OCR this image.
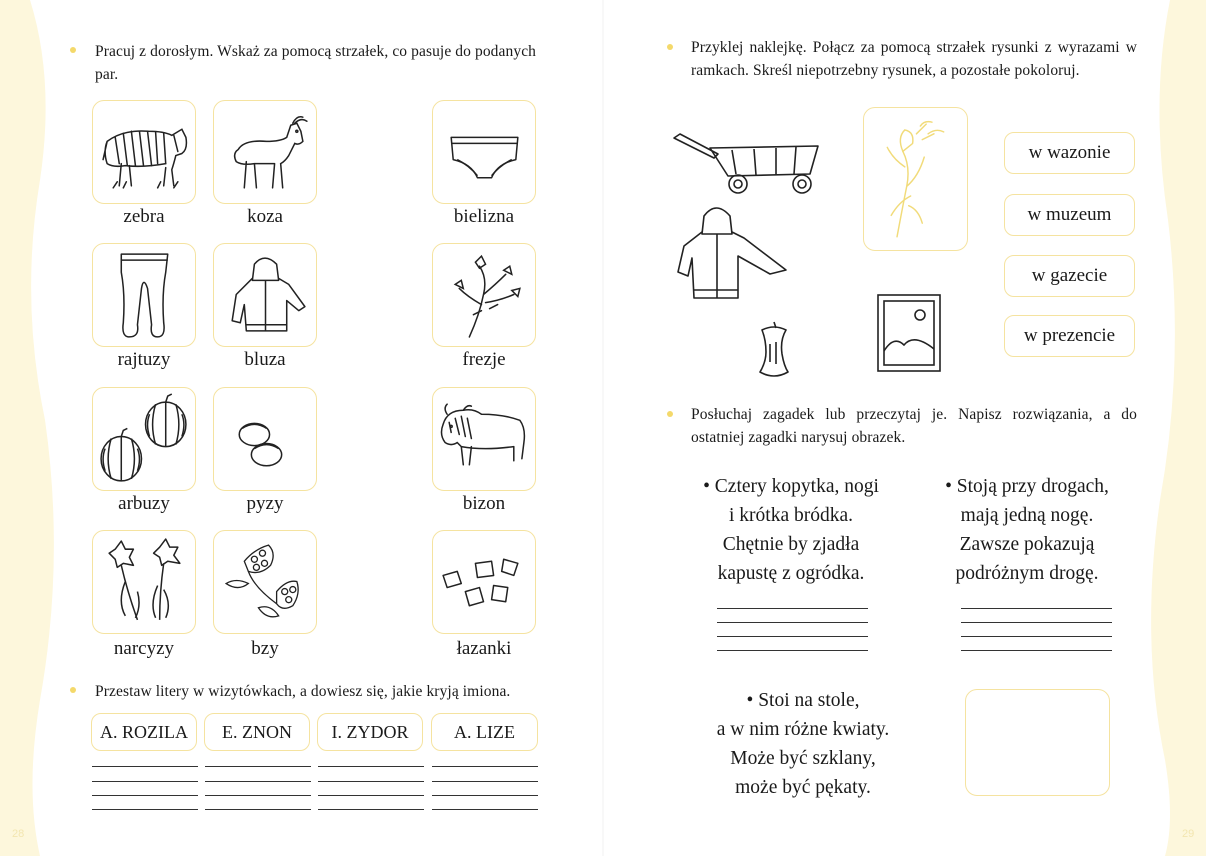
Pracuj z dorosłym. Wskaż za pomocą strzałek, co pasuje do podanych par.
zebra	koza	bielizna
rajtuzy	bluza	frezje
arbuzy	pyzy	bizon
narcyzy	bzy	łazanki
Przestaw litery w wizytówkach, a dowiesz się, jakie kryją imiona.
A. ROZILA	E. ZNON	I. ZYDOR	A. LIZE
28
Przyklej naklejkę. Połącz za pomocą strzałek rysunki z wyrazami w ramkach. Skreśl niepotrzebny rysunek, a pozostałe pokoloruj.
w wazonie
w muzeum
w gazecie
w prezencie
Posłuchaj zagadek lub przeczytaj je. Napisz rozwiązania, a do ostatniej zagadki narysuj obrazek.
• Cztery kopytka, nogi
i krótka bródka.
Chętnie by zjadła
kapustę z ogródka.
• Stoją przy drogach,
mają jedną nogę.
Zawsze pokazują
podróżnym drogę.
• Stoi na stole,
a w nim różne kwiaty.
Może być szklany,
może być pękaty.
29
